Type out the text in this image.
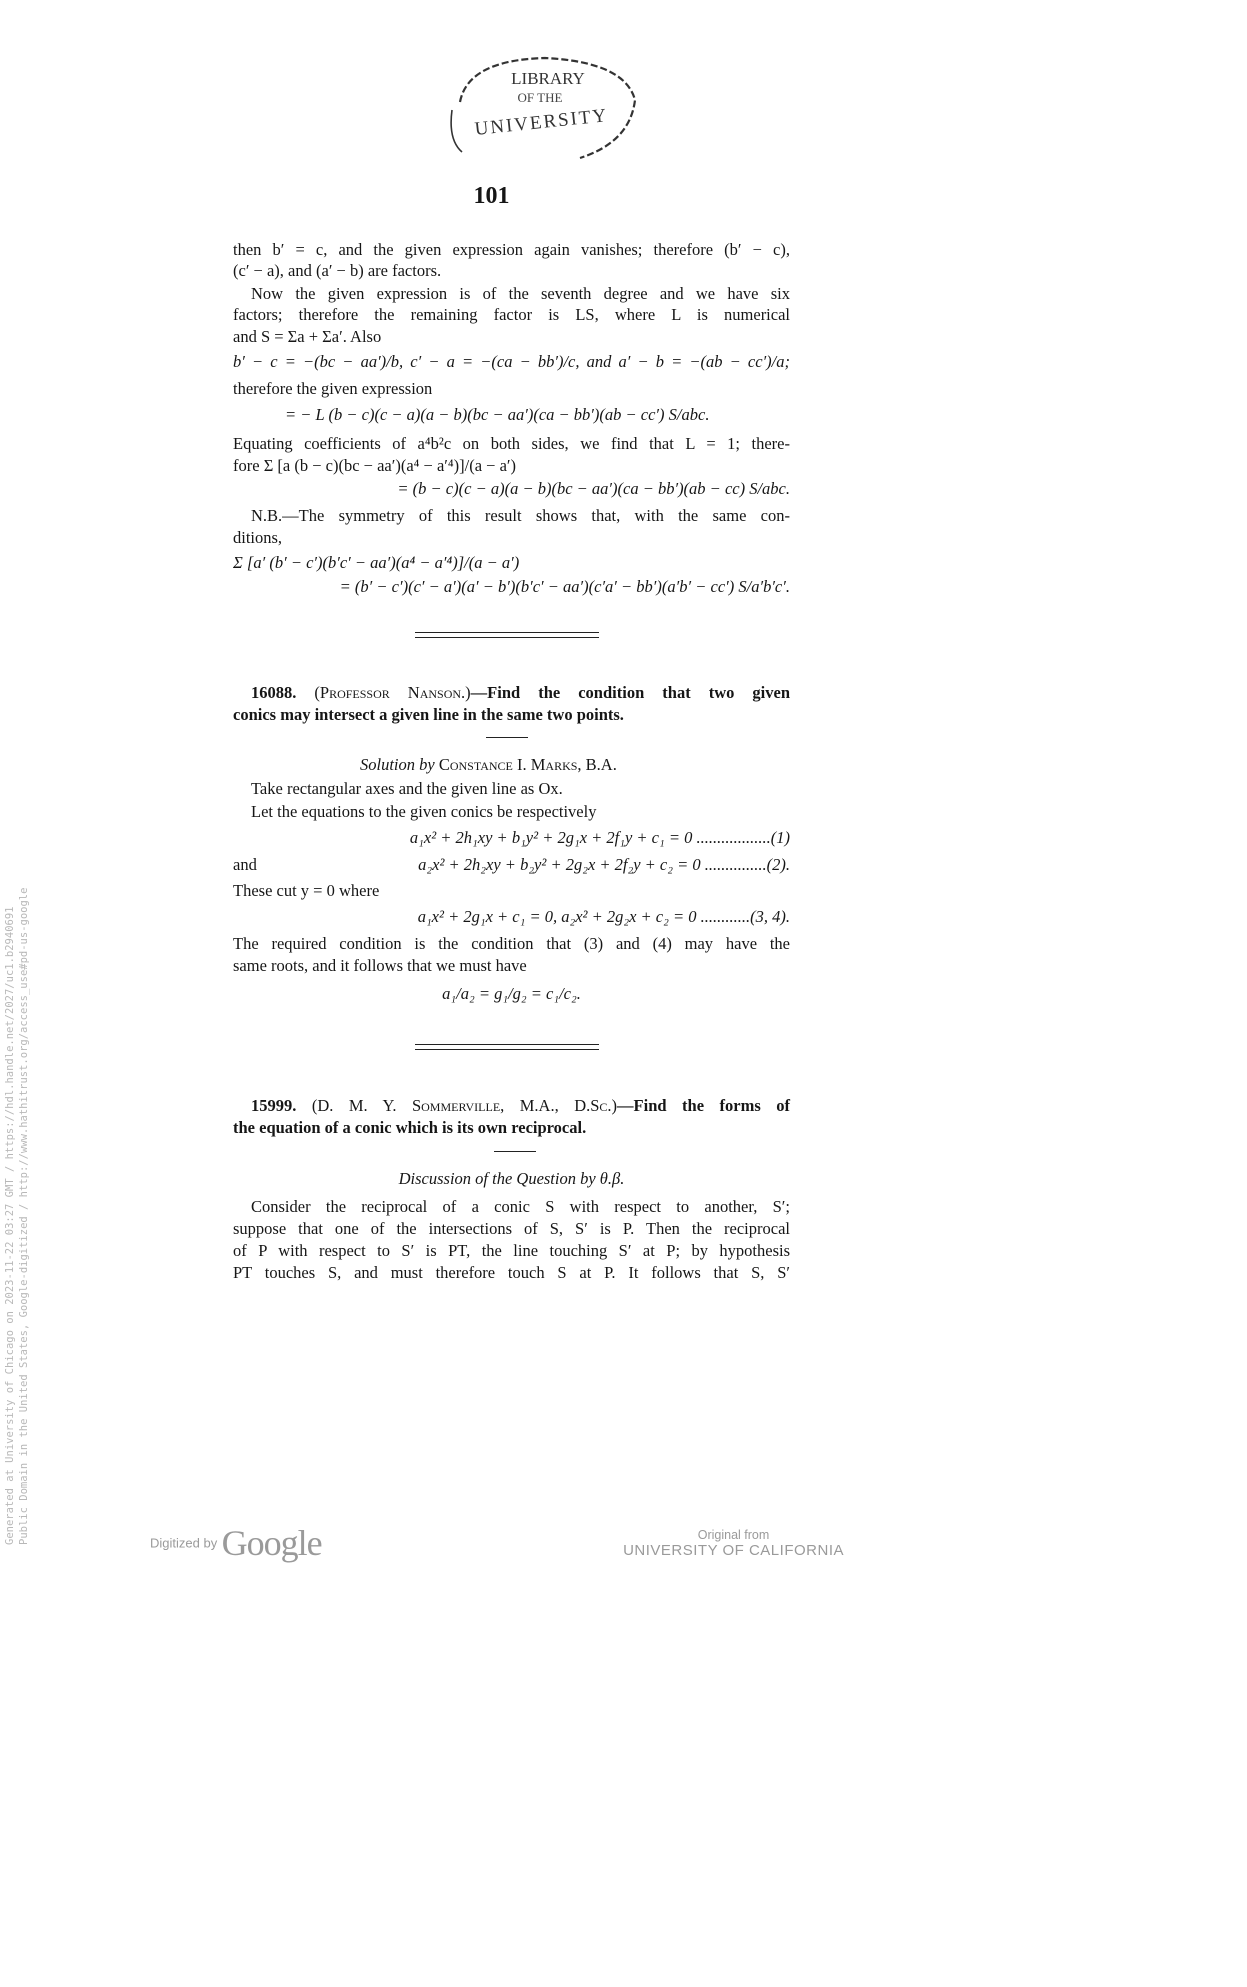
LIBRARY
OF THE
UNIVERSITY
101
then b′ = c, and the given expression again vanishes; therefore (b′ − c),
(c′ − a), and (a′ − b) are factors.
Now the given expression is of the seventh degree and we have six
factors; therefore the remaining factor is LS, where L is numerical
and S = Σa + Σa′. Also
b′ − c = −(bc − aa′)/b, c′ − a = −(ca − bb′)/c, and a′ − b = −(ab − cc′)/a;
therefore the given expression
= − L (b − c)(c − a)(a − b)(bc − aa′)(ca − bb′)(ab − cc′) S/abc.
Equating coefficients of a⁴b²c on both sides, we find that L = 1; there-
fore Σ [a (b − c)(bc − aa′)(a⁴ − a′⁴)]/(a − a′)
= (b − c)(c − a)(a − b)(bc − aa′)(ca − bb′)(ab − cc) S/abc.
N.B.—The symmetry of this result shows that, with the same con-
ditions,
Σ [a′ (b′ − c′)(b′c′ − aa′)(a⁴ − a′⁴)]/(a − a′)
= (b′ − c′)(c′ − a′)(a′ − b′)(b′c′ − aa′)(c′a′ − bb′)(a′b′ − cc′) S/a′b′c′.
16088. (Professor Nanson.)—Find the condition that two given
conics may intersect a given line in the same two points.
Solution by Constance I. Marks, B.A.
Take rectangular axes and the given line as Ox.
Let the equations to the given conics be respectively
a₁x² + 2h₁xy + b₁y² + 2g₁x + 2f₁y + c₁ = 0 ..................(1)
and	a₂x² + 2h₂xy + b₂y² + 2g₂x + 2f₂y + c₂ = 0 ...............(2).
These cut y = 0 where
a₁x² + 2g₁x + c₁ = 0, a₂x² + 2g₂x + c₂ = 0 ............(3, 4).
The required condition is the condition that (3) and (4) may have the
same roots, and it follows that we must have
a₁/a₂ = g₁/g₂ = c₁/c₂.
15999. (D. M. Y. Sommerville, M.A., D.Sc.)—Find the forms of
the equation of a conic which is its own reciprocal.
Discussion of the Question by θ.β.
Consider the reciprocal of a conic S with respect to another, S′;
suppose that one of the intersections of S, S′ is P. Then the reciprocal
of P with respect to S′ is PT, the line touching S′ at P; by hypothesis
PT touches S, and must therefore touch S at P. It follows that S, S′
Generated at University of Chicago on 2023-11-22 03:27 GMT / https://hdl.handle.net/2027/uc1.b2940691 Public Domain in the United States, Google-digitized / http://www.hathitrust.org/access_use#pd-us-google	Digitized by Google	Original from
UNIVERSITY OF CALIFORNIA
